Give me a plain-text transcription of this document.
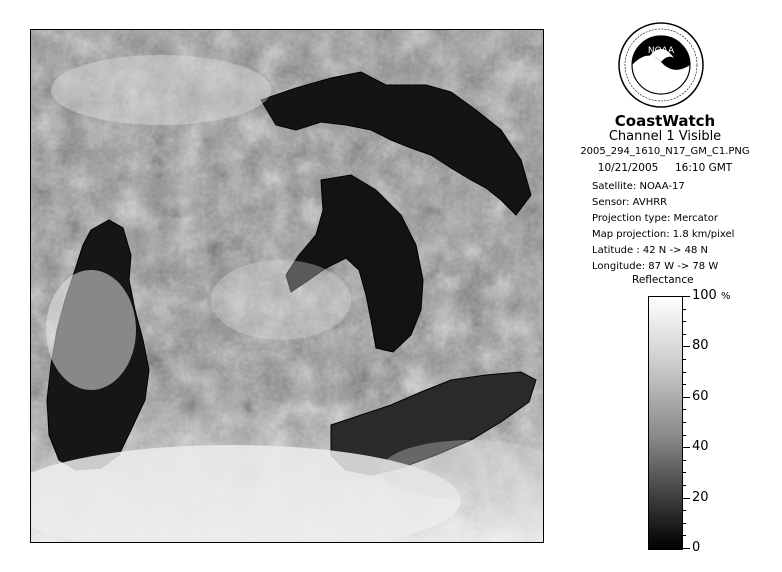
NOAA
CoastWatch
Channel 1 Visible
2005_294_1610_N17_GM_C1.PNG
10/21/2005     16:10 GMT
Satellite: NOAA-17
Sensor: AVHRR
Projection type: Mercator
Map projection: 1.8 km/pixel
Latitude : 42 N -> 48 N
Longitude: 87 W -> 78 W
Reflectance
%
100
80
60
40
20
0
